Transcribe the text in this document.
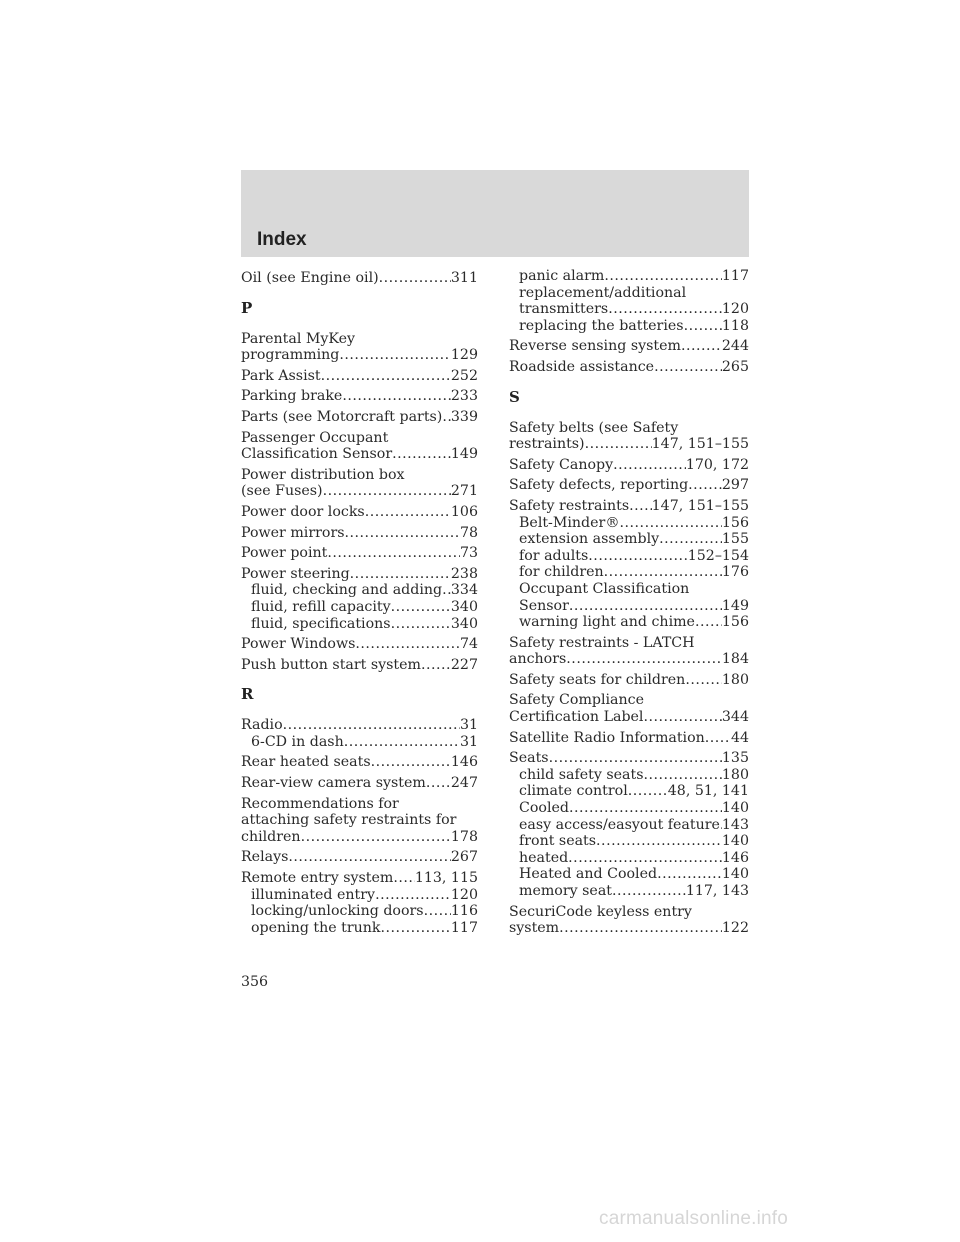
Index
Oil (see Engine oil) .....	311
P
Parental MyKey
programming .....	129
Park Assist .....	252
Parking brake .....	233
Parts (see Motorcraft parts) ..... 339
Passenger Occupant
Classification Sensor .....	149
Power distribution box
(see Fuses) .....	271
Power door locks .....	106
Power mirrors .....	78
Power point .....	73
Power steering .....	238
fluid, checking and adding ..... 334
fluid, refill capacity .....	340
fluid, specifications .....	340
Power Windows .....	74
Push button start system ..... 227
R
Radio .....	31
6-CD in dash .....	31
Rear heated seats .....	146
Rear-view camera system ..... 247
Recommendations for
attaching safety restraints for
children .....	178
Relays .....	267
Remote entry system ..... 113, 115
illuminated entry .....	120
locking/unlocking doors ..... 116
opening the trunk .....	117
panic alarm .....	117
replacement/additional
transmitters .....	120
replacing the batteries .....	118
Reverse sensing system .....	244
Roadside assistance .....	265
S
Safety belts (see Safety
restraints) .....	147, 151–155
Safety Canopy .....	170, 172
Safety defects, reporting ..... 297
Safety restraints ..... 147, 151–155
Belt-Minder® .....	156
extension assembly .....	155
for adults .....	152–154
for children .....	176
Occupant Classification
Sensor .....	149
warning light and chime ..... 156
Safety restraints - LATCH
anchors .....	184
Safety seats for children .....	180
Safety Compliance
Certification Label .....	344
Satellite Radio Information ..... 44
Seats .....	135
child safety seats .....	180
climate control .....	48, 51, 141
Cooled .....	140
easy access/easyout feature ..... 143
front seats .....	140
heated .....	146
Heated and Cooled .....	140
memory seat .....	117, 143
SecuriCode keyless entry
system .....	122
356
carmanualsonline.info
